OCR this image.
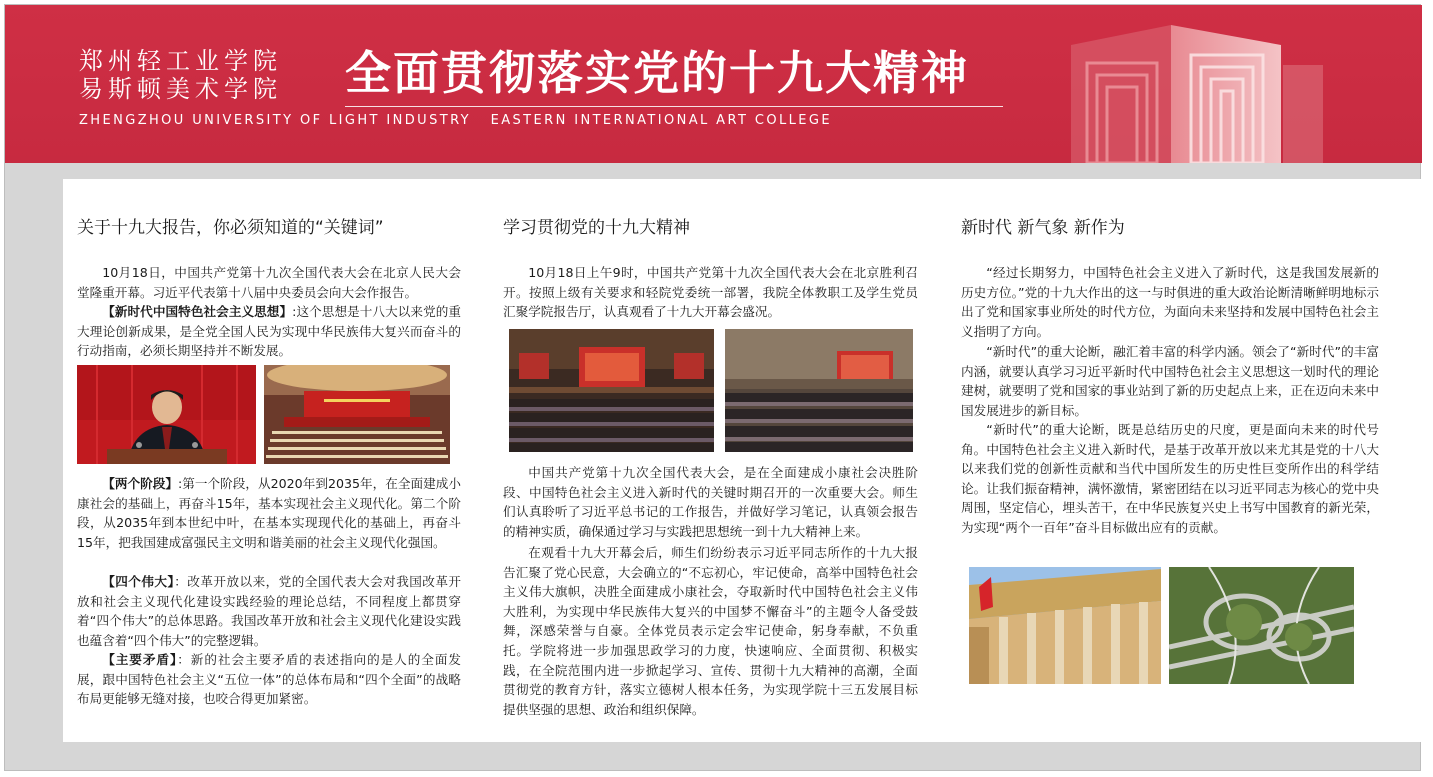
郑州轻工业学院
易斯顿美术学院 全面贯彻落实党的十九大精神
ZHENGZHOU UNIVERSITY OF LIGHT INDUSTRY   EASTERN INTERNATIONAL ART COLLEGE
关于十九大报告，你必须知道的“关键词”

10月18日，中国共产党第十九次全国代表大会在北京人民大会堂隆重开幕。习近平代表第十八届中央委员会向大会作报告。

【新时代中国特色社会主义思想】:这个思想是十八大以来党的重大理论创新成果，是全党全国人民为实现中华民族伟大复兴而奋斗的行动指南，必须长期坚持并不断发展。

【两个阶段】:第一个阶段，从2020年到2035年，在全面建成小康社会的基础上，再奋斗15年，基本实现社会主义现代化。第二个阶段，从2035年到本世纪中叶，在基本实现现代化的基础上，再奋斗15年，把我国建成富强民主文明和谐美丽的社会主义现代化强国。

【四个伟大】：改革开放以来，党的全国代表大会对我国改革开放和社会主义现代化建设实践经验的理论总结，不同程度上都贯穿着“四个伟大”的总体思路。我国改革开放和社会主义现代化建设实践也蕴含着“四个伟大”的完整逻辑。

【主要矛盾】：新的社会主要矛盾的表述指向的是人的全面发展，跟中国特色社会主义“五位一体”的总体布局和“四个全面”的战略布局更能够无缝对接，也咬合得更加紧密。

学习贯彻党的十九大精神

10月18日上午9时，中国共产党第十九次全国代表大会在北京胜利召开。按照上级有关要求和轻院党委统一部署，我院全体教职工及学生党员汇聚学院报告厅，认真观看了十九大开幕会盛况。

中国共产党第十九次全国代表大会，是在全面建成小康社会决胜阶段、中国特色社会主义进入新时代的关键时期召开的一次重要大会。师生们认真聆听了习近平总书记的工作报告，并做好学习笔记，认真领会报告的精神实质，确保通过学习与实践把思想统一到十九大精神上来。

在观看十九大开幕会后，师生们纷纷表示习近平同志所作的十九大报告汇聚了党心民意，大会确立的“不忘初心，牢记使命，高举中国特色社会主义伟大旗帜，决胜全面建成小康社会，夺取新时代中国特色社会主义伟大胜利，为实现中华民族伟大复兴的中国梦不懈奋斗”的主题令人备受鼓舞，深感荣誉与自豪。全体党员表示定会牢记使命，躬身奉献，不负重托。学院将进一步加强思政学习的力度，快速响应、全面贯彻、积极实践，在全院范围内进一步掀起学习、宣传、贯彻十九大精神的高潮，全面贯彻党的教育方针，落实立德树人根本任务，为实现学院十三五发展目标提供坚强的思想、政治和组织保障。

新时代 新气象 新作为

“经过长期努力，中国特色社会主义进入了新时代，这是我国发展新的历史方位。”党的十九大作出的这一与时俱进的重大政治论断清晰鲜明地标示出了党和国家事业所处的时代方位，为面向未来坚持和发展中国特色社会主义指明了方向。

“新时代”的重大论断，融汇着丰富的科学内涵。领会了“新时代”的丰富内涵，就要认真学习习近平新时代中国特色社会主义思想这一划时代的理论建树，就要明了党和国家的事业站到了新的历史起点上来，正在迈向未来中国发展进步的新目标。

“新时代”的重大论断，既是总结历史的尺度，更是面向未来的时代号角。中国特色社会主义进入新时代，是基于改革开放以来尤其是党的十八大以来我们党的创新性贡献和当代中国所发生的历史性巨变所作出的科学结论。让我们振奋精神，满怀激情，紧密团结在以习近平同志为核心的党中央周围，坚定信心，埋头苦干，在中华民族复兴史上书写中国教育的新光荣，为实现“两个一百年”奋斗目标做出应有的贡献。
